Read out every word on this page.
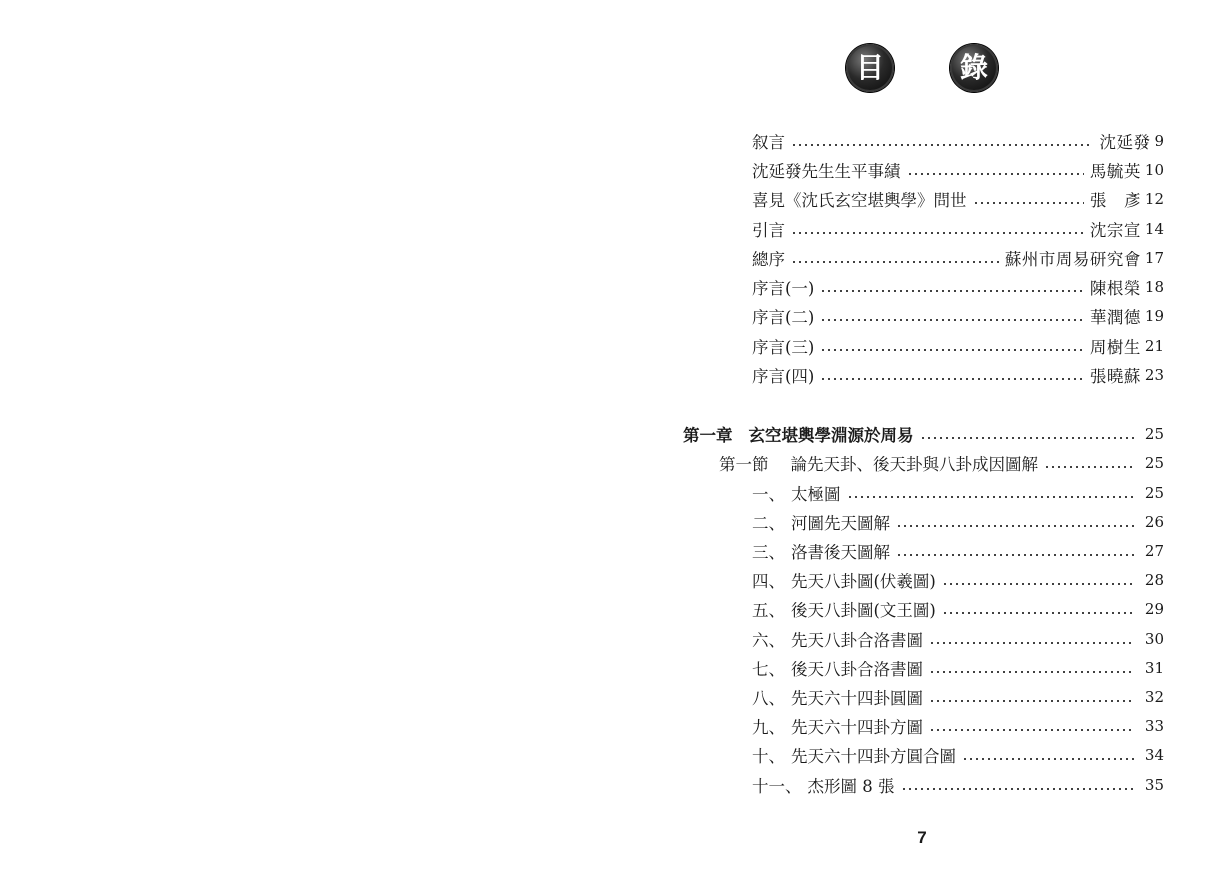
目	錄
叙言	沈延發 9
沈延發先生生平事績	馬毓英 10
喜見《沈氏玄空堪輿學》問世	張　彥 12
引言	沈宗宣 14
總序	蘇州市周易研究會 17
序言(一)	陳根榮 18
序言(二)	華潤德 19
序言(三)	周樹生 21
序言(四)	張曉蘇 23
第一章 玄空堪輿學淵源於周易	25
第一節 論先天卦、後天卦與八卦成因圖解	25
一、 太極圖	25
二、 河圖先天圖解	26
三、 洛書後天圖解	27
四、 先天八卦圖(伏羲圖)	28
五、 後天八卦圖(文王圖)	29
六、 先天八卦合洛書圖	30
七、 後天八卦合洛書圖	31
八、 先天六十四卦圓圖	32
九、 先天六十四卦方圖	33
十、 先天六十四卦方圓合圖	34
十一、 杰形圖 8 張	35
7
